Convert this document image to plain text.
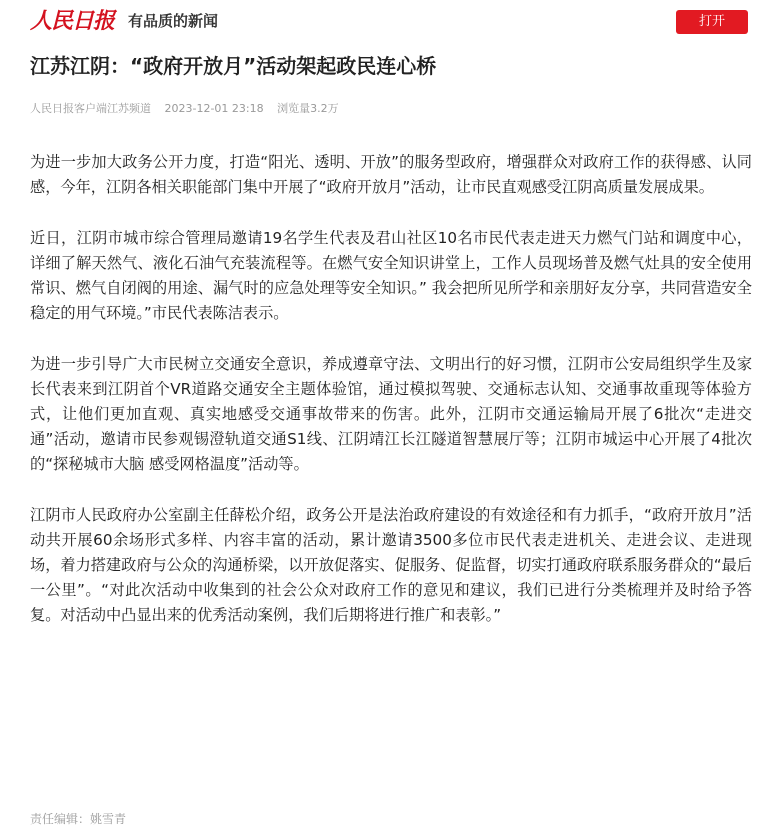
人民日报 有品质的新闻	打开
江苏江阴：“政府开放月”活动架起政民连心桥
人民日报客户端江苏频道 2023-12-01 23:18 浏览量3.2万

为进一步加大政务公开力度，打造“阳光、透明、开放”的服务型政府，增强群众对政府工作的获得感、认同感，今年，江阴各相关职能部门集中开展了“政府开放月”活动，让市民直观感受江阴高质量发展成果。

近日，江阴市城市综合管理局邀请19名学生代表及君山社区10名市民代表走进天力燃气门站和调度中心，详细了解天然气、液化石油气充装流程等。在燃气安全知识讲堂上，工作人员现场普及燃气灶具的安全使用常识、燃气自闭阀的用途、漏气时的应急处理等安全知识。” 我会把所见所学和亲朋好友分享，共同营造安全稳定的用气环境。”市民代表陈洁表示。

为进一步引导广大市民树立交通安全意识，养成遵章守法、文明出行的好习惯，江阴市公安局组织学生及家长代表来到江阴首个VR道路交通安全主题体验馆，通过模拟驾驶、交通标志认知、交通事故重现等体验方式，让他们更加直观、真实地感受交通事故带来的伤害。此外，江阴市交通运输局开展了6批次“走进交通”活动，邀请市民参观锡澄轨道交通S1线、江阴靖江长江隧道智慧展厅等；江阴市城运中心开展了4批次的“探秘城市大脑 感受网格温度”活动等。

江阴市人民政府办公室副主任薛松介绍，政务公开是法治政府建设的有效途径和有力抓手，“政府开放月”活动共开展60余场形式多样、内容丰富的活动，累计邀请3500多位市民代表走进机关、走进会议、走进现场，着力搭建政府与公众的沟通桥梁，以开放促落实、促服务、促监督，切实打通政府联系服务群众的“最后一公里”。“对此次活动中收集到的社会公众对政府工作的意见和建议，我们已进行分类梳理并及时给予答复。对活动中凸显出来的优秀活动案例，我们后期将进行推广和表彰。”

责任编辑：姚雪青
